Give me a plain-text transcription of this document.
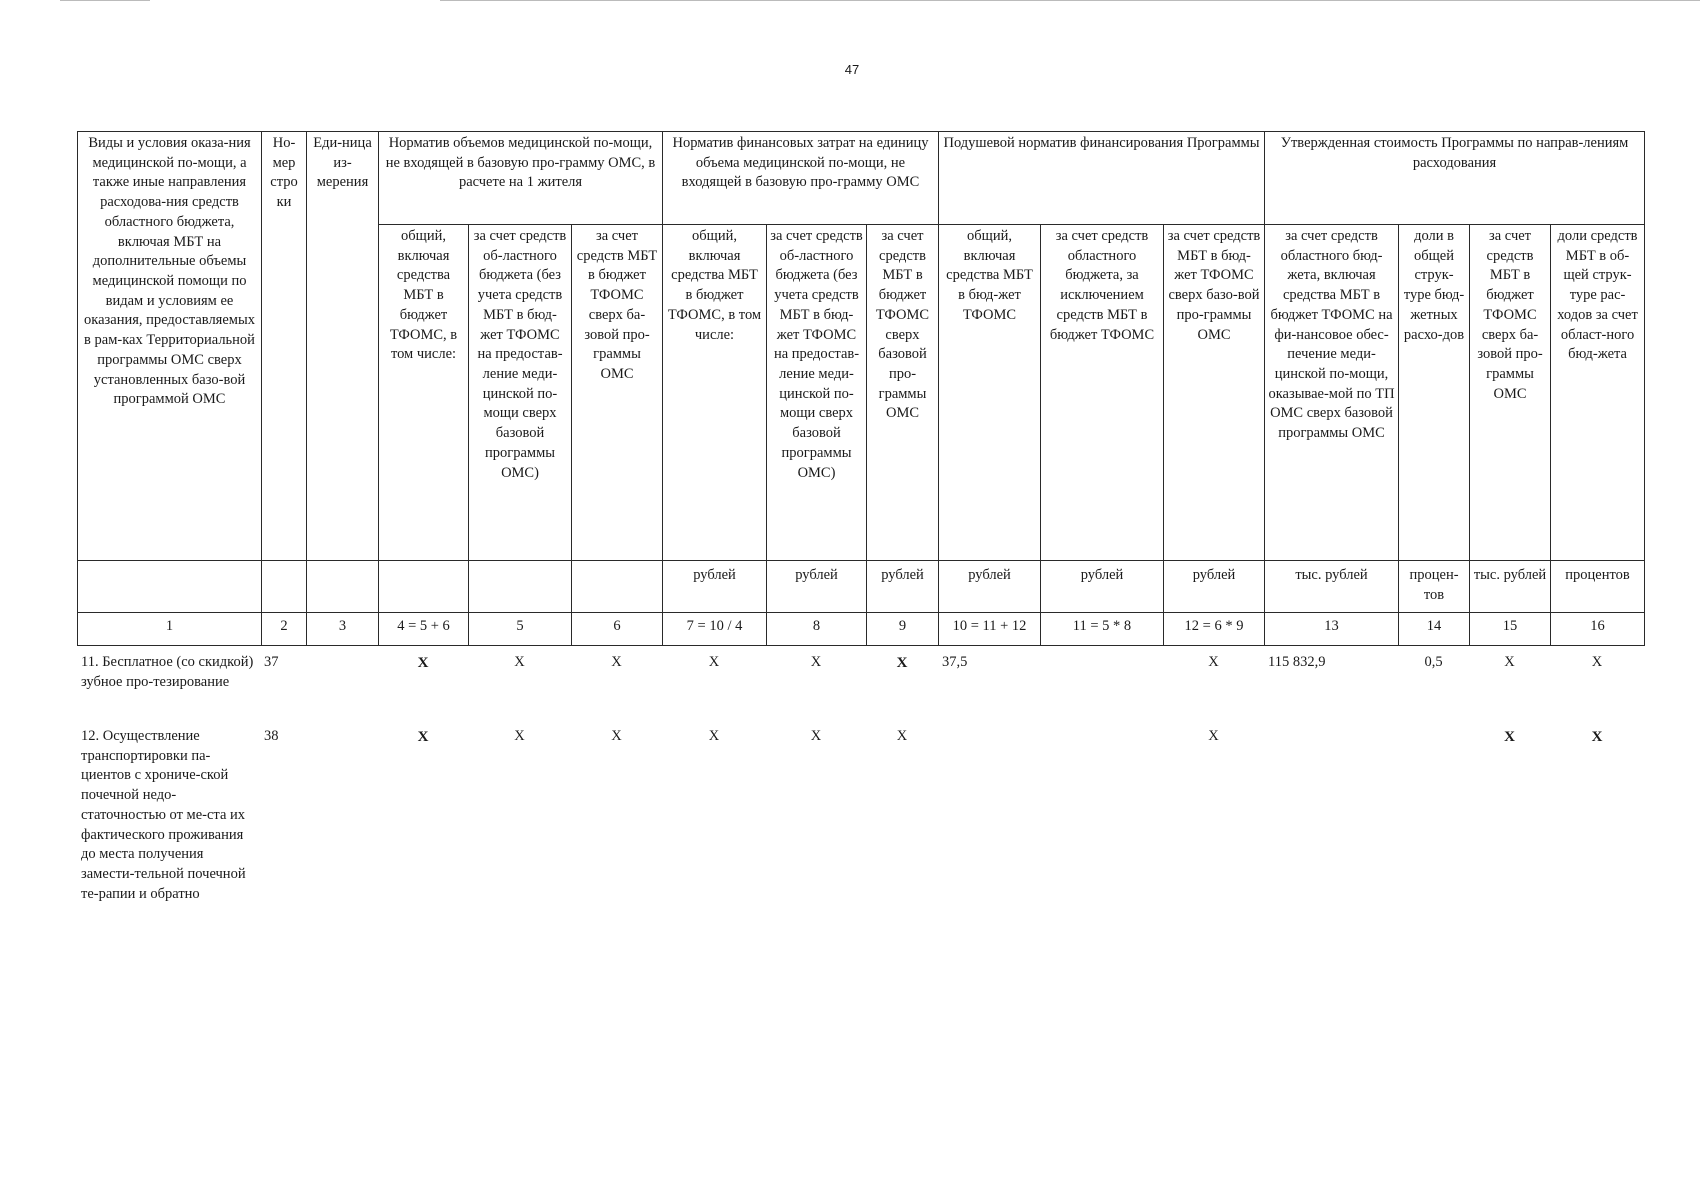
47
Виды и условия оказа-ния медицинской по-мощи, а также иные направления расходова-ния средств областного бюджета, включая МБТ на дополнительные объемы медицинской помощи по видам и условиям ее оказания, предоставляемых в рам-ках Территориальной программы ОМС сверх установленных базо-вой программой ОМС	Но-мер стро ки	Еди-ница из-мерения	Норматив объемов медицинской по-мощи, не входящей в базовую про-грамму ОМС, в расчете на 1 жителя			Норматив финансовых затрат на единицу объема медицинской по-мощи, не входящей в базовую про-грамму ОМС			Подушевой норматив финансирования Программы			Утвержденная стоимость Программы по направ-лениям расходования			
			общий, включая средства МБТ в бюджет ТФОМС, в том числе:	за счет средств об-ластного бюджета (без учета средств МБТ в бюд-жет ТФОМС на предостав-ление меди-цинской по-мощи сверх базовой программы ОМС)	за счет средств МБТ в бюджет ТФОМС сверх ба-зовой про-граммы ОМС	общий, включая средства МБТ в бюджет ТФОМС, в том числе:	за счет средств об-ластного бюджета (без учета средств МБТ в бюд-жет ТФОМС на предостав-ление меди-цинской по-мощи сверх базовой программы ОМС)	за счет средств МБТ в бюджет ТФОМС сверх базовой про-граммы ОМС	общий, включая средства МБТ в бюд-жет ТФОМС	за счет средств областного бюджета, за исключением средств МБТ в бюджет ТФОМС	за счет средств МБТ в бюд-жет ТФОМС сверх базо-вой про-граммы ОМС	за счет средств областного бюд-жета, включая средства МБТ в бюджет ТФОМС на фи-нансовое обес-печение меди-цинской по-мощи, оказывае-мой по ТП ОМС сверх базовой программы ОМС	доли в общей струк-туре бюд-жетных расхо-дов	за счет средств МБТ в бюджет ТФОМС сверх ба-зовой про-граммы ОМС	доли средств МБТ в об-щей струк-туре рас-ходов за счет област-ного бюд-жета
						рублей	рублей	рублей	рублей	рублей	рублей	тыс. рублей	процен-тов	тыс. рублей	процентов
1	2	3	4 = 5 + 6	5	6	7 = 10 / 4	8	9	10 = 11 + 12	11 = 5 * 8	12 = 6 * 9	13	14	15	16
11. Бесплатное (со скидкой) зубное про-тезирование	37		X	X	X	X	X	X	37,5		X	115 832,9	0,5	X	X
12. Осуществление транспортировки па-циентов с хрониче-ской почечной недо-статочностью от ме-ста их фактического проживания до места получения замести-тельной почечной те-рапии и обратно	38		X	X	X	X	X	X			X			X	X
